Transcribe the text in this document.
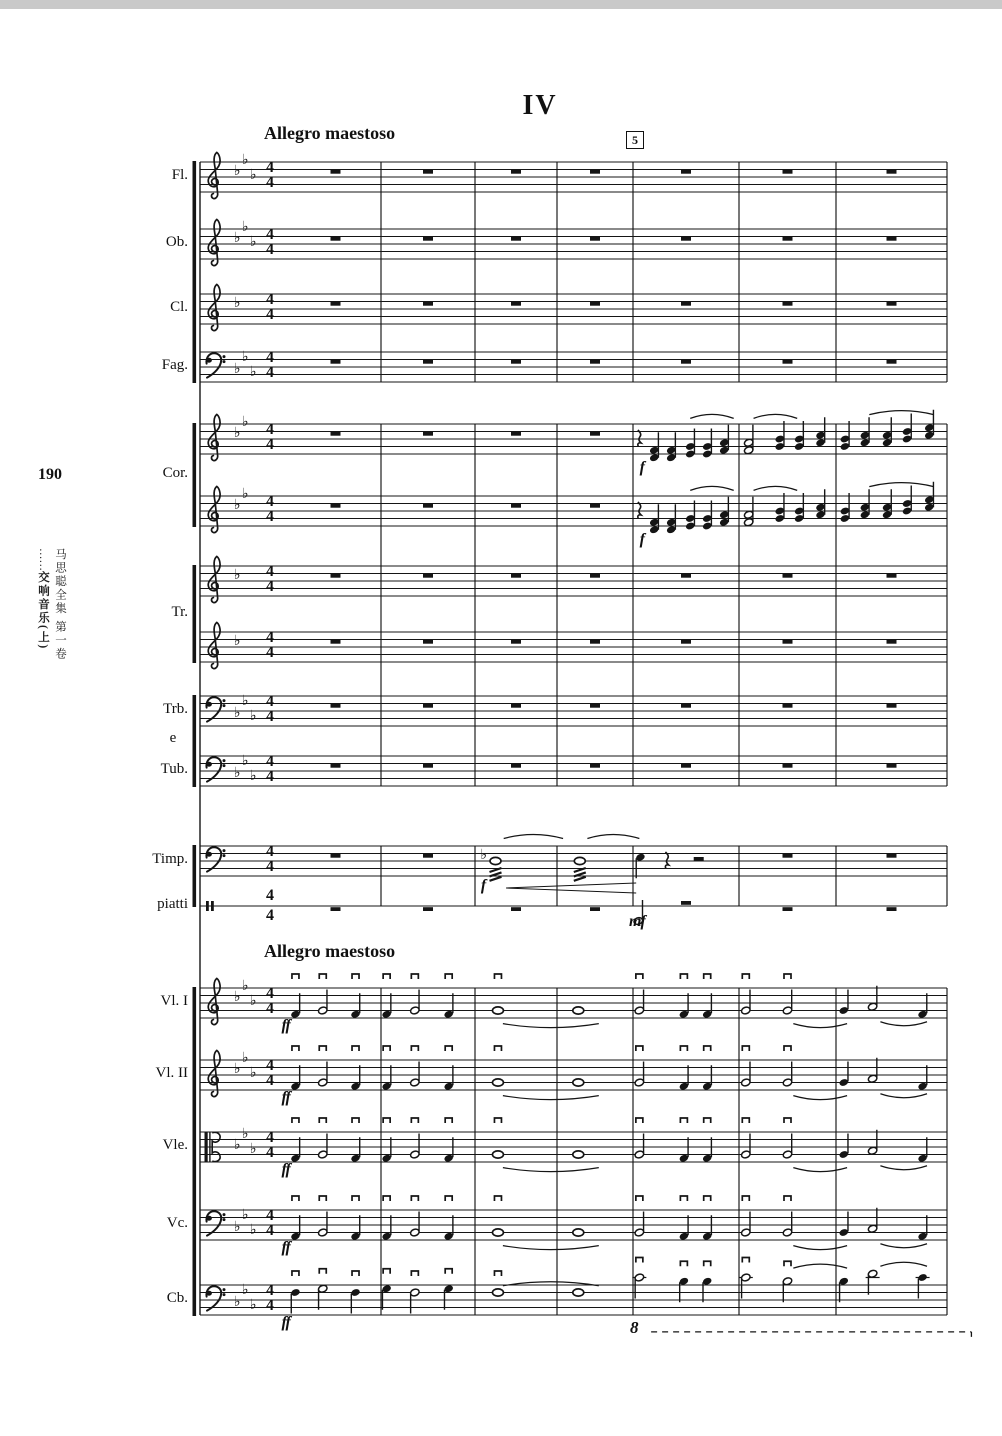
IV
Allegro maestoso
Allegro maestoso
5
190
马思聪全集 第一卷
……交响音乐(上)
e
8
♭
♭
♭ 4
4
♭
♭
♭ 4
4
♭ 4
4
♭
♭
♭
4
4
♭
♭ 4
4
♭
♭ 4
4
♭ 4
4
♭ 4
4
♭
♭
♭
4
4
♭
♭
♭
4
4
4
4
4
4
♭
♭
♭ 4
4
♭
♭
♭ 4
4
♭
♭
♭
4
4
♭
♭
♭
4
4
♭
♭
♭
4
4
Fl.
Ob.
Cl.
Fag.
Cor.
Tr.
Trb.
Tub.
Timp.
piatti
Vl. I
Vl. II
Vle.
Vc.
Cb.
f
f
♭
f
mf
ff
ff
ff
ff
ff
